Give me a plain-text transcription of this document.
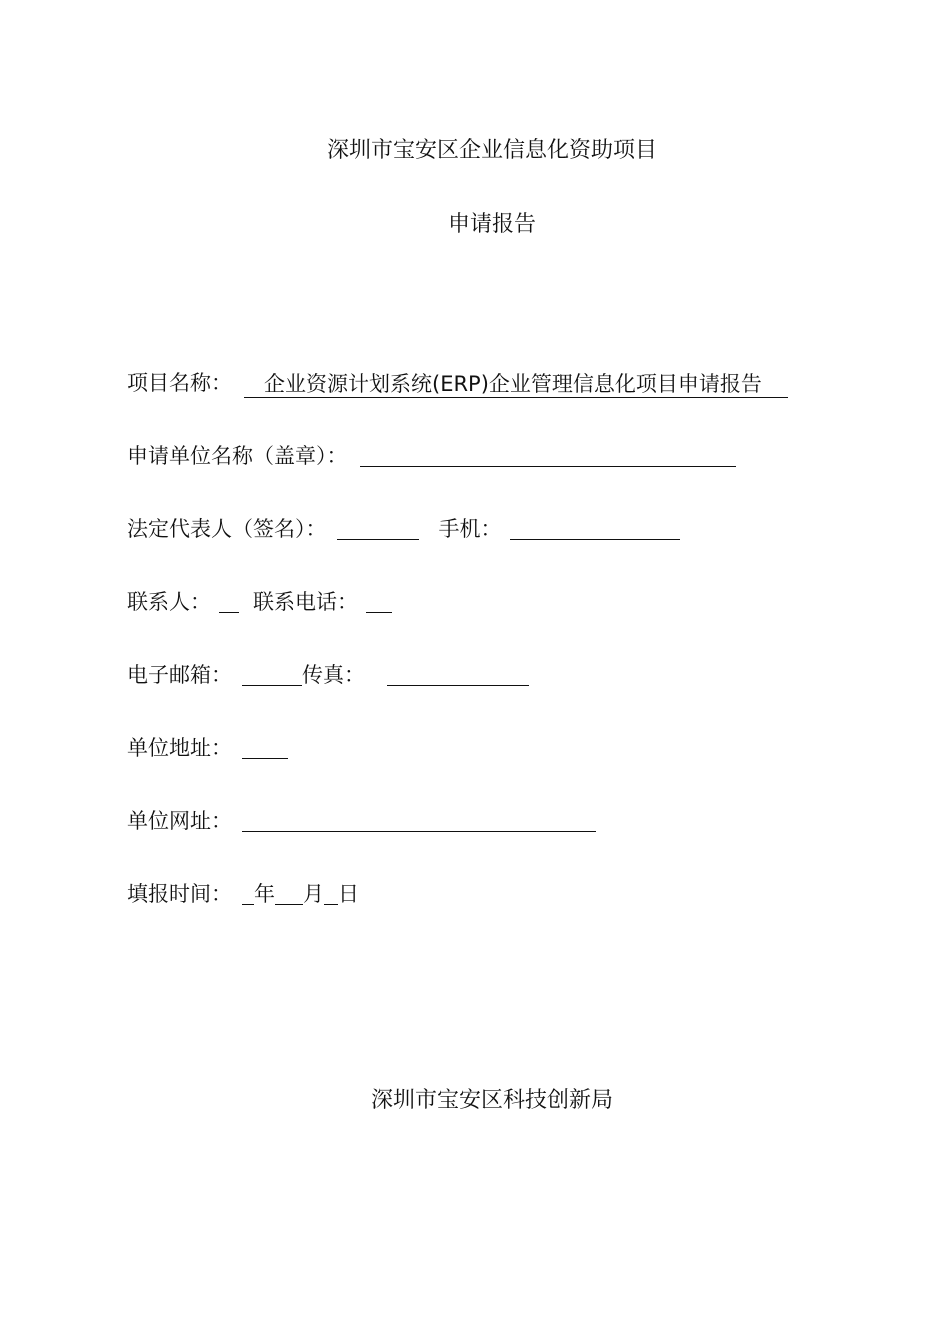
深圳市宝安区企业信息化资助项目
申请报告
项目名称：	企业资源计划系统(ERP)企业管理信息化项目申请报告
申请单位名称（盖章）：
法定代表人（签名）：	手机：
联系人： 联系电话：
电子邮箱：	传真：
单位地址：
单位网址：
填报时间： 年 月 日
深圳市宝安区科技创新局
